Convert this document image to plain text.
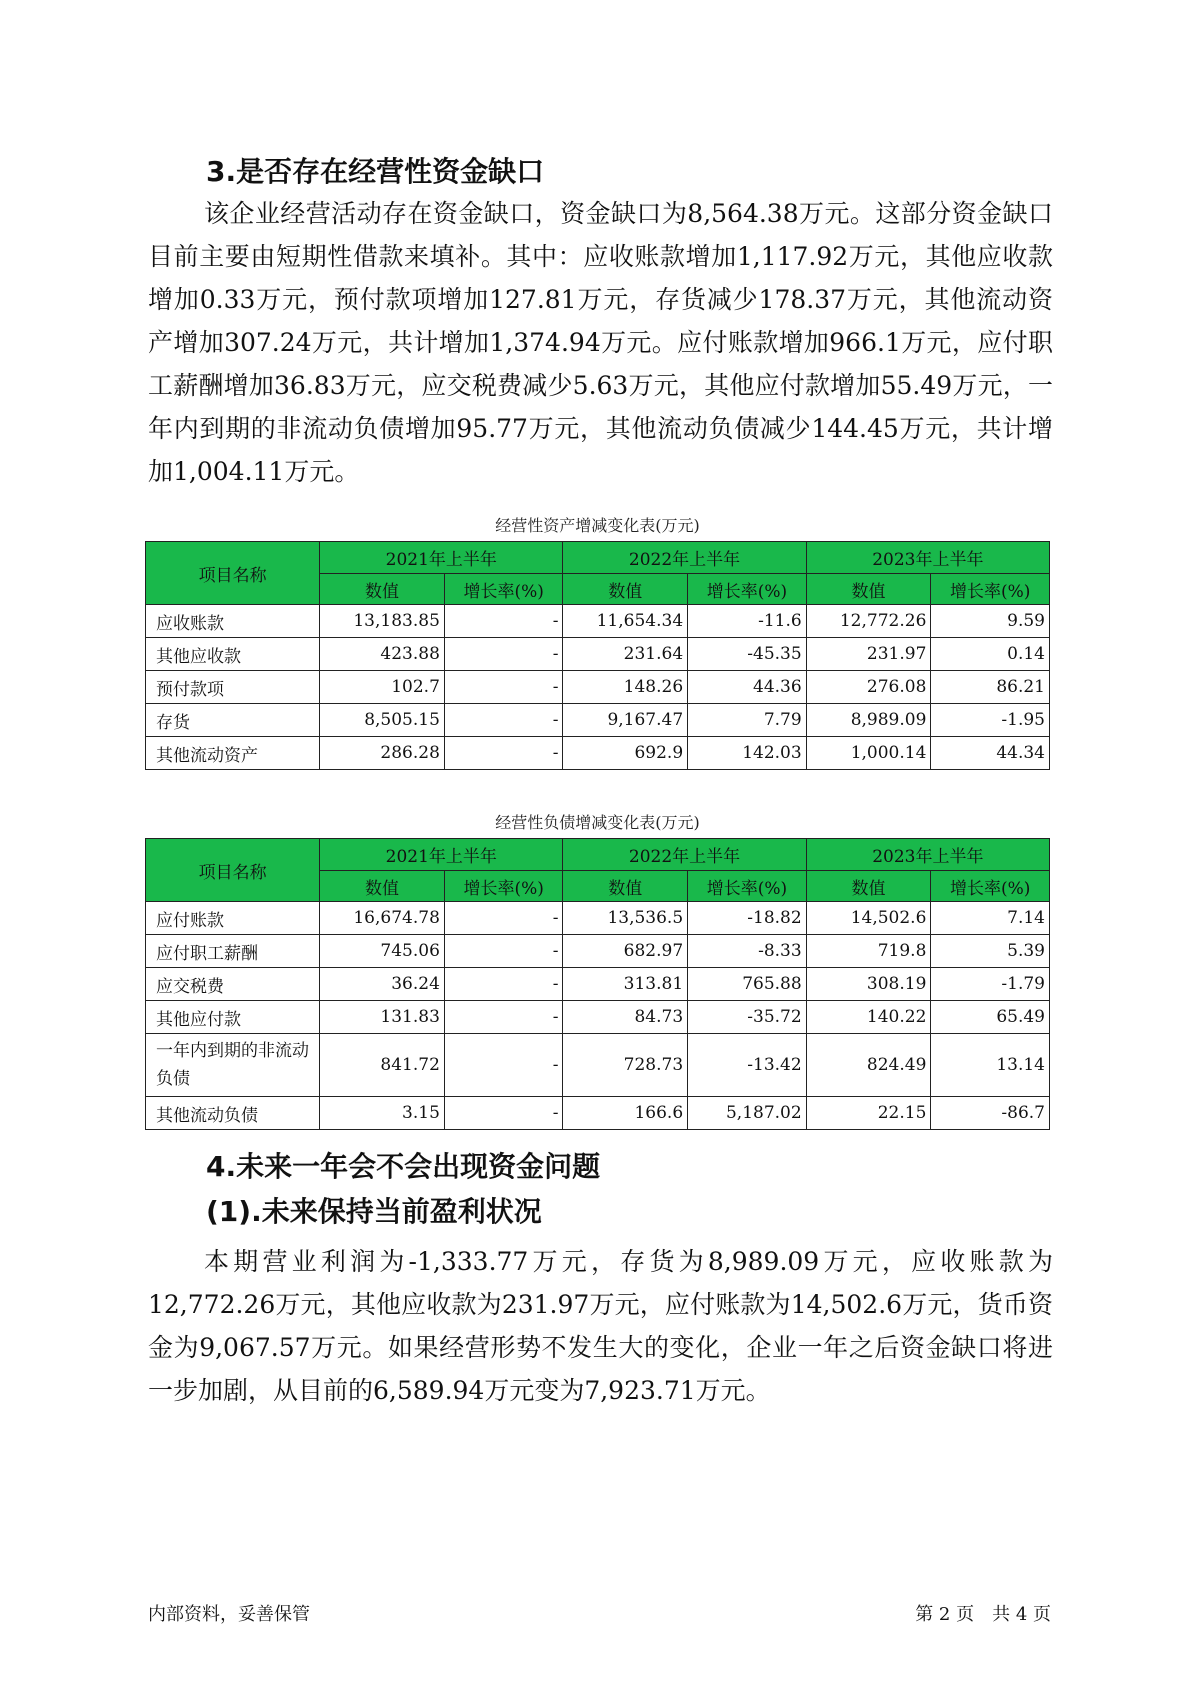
3.是否存在经营性资金缺口

该企业经营活动存在资金缺口，资金缺口为8,564.38万元。这部分资金缺口目前主要由短期性借款来填补。其中：应收账款增加1,117.92万元，其他应收款增加0.33万元，预付款项增加127.81万元，存货减少178.37万元，其他流动资产增加307.24万元，共计增加1,374.94万元。应付账款增加966.1万元，应付职工薪酬增加36.83万元，应交税费减少5.63万元，其他应付款增加55.49万元，一年内到期的非流动负债增加95.77万元，其他流动负债减少144.45万元，共计增加1,004.11万元。

经营性资产增减变化表(万元)
项目名称	2021年上半年		2022年上半年		2023年上半年	
	数值	增长率(%)	数值	增长率(%)	数值	增长率(%)
应收账款	13,183.85	-	11,654.34	-11.6	12,772.26	9.59
其他应收款	423.88	-	231.64	-45.35	231.97	0.14
预付款项	102.7	-	148.26	44.36	276.08	86.21
存货	8,505.15	-	9,167.47	7.79	8,989.09	-1.95
其他流动资产	286.28	-	692.9	142.03	1,000.14	44.34
经营性负债增减变化表(万元)
项目名称	2021年上半年		2022年上半年		2023年上半年	
	数值	增长率(%)	数值	增长率(%)	数值	增长率(%)
应付账款	16,674.78	-	13,536.5	-18.82	14,502.6	7.14
应付职工薪酬	745.06	-	682.97	-8.33	719.8	5.39
应交税费	36.24	-	313.81	765.88	308.19	-1.79
其他应付款	131.83	-	84.73	-35.72	140.22	65.49
一年内到期的非流动负债	841.72	-	728.73	-13.42	824.49	13.14
其他流动负债	3.15	-	166.6	5,187.02	22.15	-86.7
4.未来一年会不会出现资金问题
(1).未来保持当前盈利状况

本期营业利润为-1,333.77万元，存货为8,989.09万元，应收账款为12,772.26万元，其他应收款为231.97万元，应付账款为14,502.6万元，货币资金为9,067.57万元。如果经营形势不发生大的变化，企业一年之后资金缺口将进一步加剧，从目前的6,589.94万元变为7,923.71万元。

内部资料，妥善保管	第 2 页　共 4 页
